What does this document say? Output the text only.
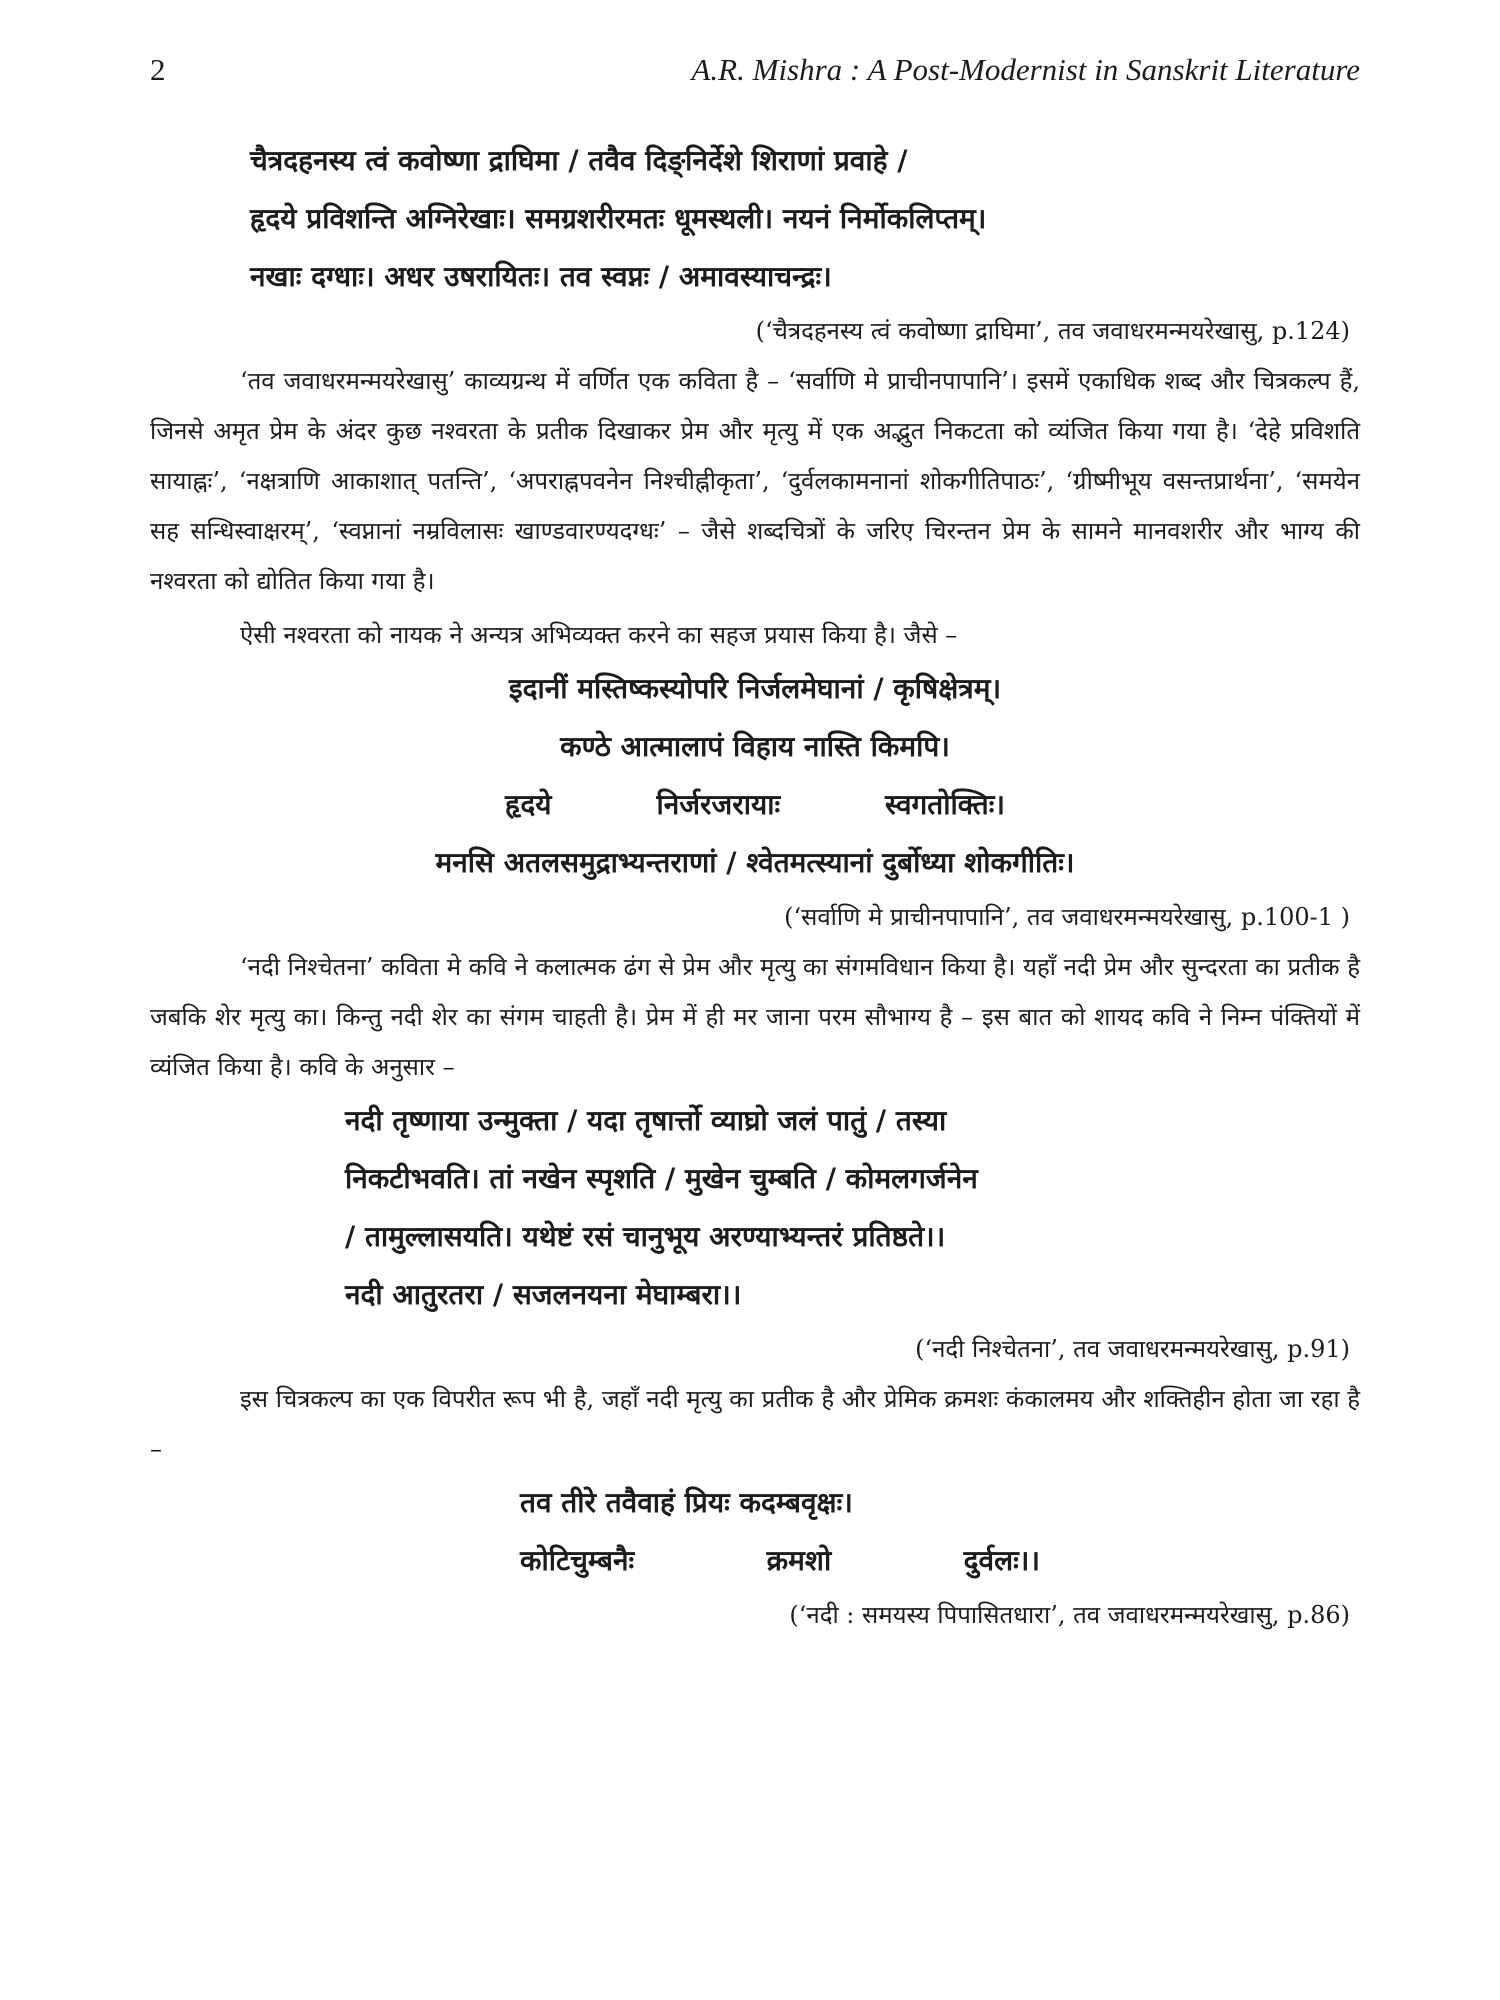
2	A.R. Mishra : A Post-Modernist in Sanskrit Literature
चैत्रदहनस्य त्वं कवोष्णा द्राघिमा / तवैव दिङ्निर्देशे शिराणां प्रवाहे /
हृदये प्रविशन्ति अग्निरेखाः। समग्रशरीरमतः धूमस्थली। नयनं निर्मोकलिप्तम्।
नखाः दग्धाः। अधर उषरायितः। तव स्वप्नः / अमावस्याचन्द्रः।
(‘चैत्रदहनस्य त्वं कवोष्णा द्राघिमा’, तव जवाधरमन्मयरेखासु, p.124)

‘तव जवाधरमन्मयरेखासु’ काव्यग्रन्थ में वर्णित एक कविता है – ‘सर्वाणि मे प्राचीनपापानि’। इसमें एकाधिक शब्द और चित्रकल्प हैं, जिनसे अमृत प्रेम के अंदर कुछ नश्वरता के प्रतीक दिखाकर प्रेम और मृत्यु में एक अद्भुत निकटता को व्यंजित किया गया है। ‘देहे प्रविशति सायाह्नः’, ‘नक्षत्राणि आकाशात् पतन्ति’, ‘अपराह्नपवनेन निश्चीह्नीकृता’, ‘दुर्वलकामनानां शोकगीतिपाठः’, ‘ग्रीष्मीभूय वसन्तप्रार्थना’, ‘समयेन सह सन्धिस्वाक्षरम्’, ‘स्वप्नानां नम्रविलासः खाण्डवारण्यदग्धः’ – जैसे शब्दचित्रों के जरिए चिरन्तन प्रेम के सामने मानवशरीर और भाग्य की नश्वरता को द्योतित किया गया है।

ऐसी नश्वरता को नायक ने अन्यत्र अभिव्यक्त करने का सहज प्रयास किया है। जैसे –

इदानीं मस्तिष्कस्योपरि निर्जलमेघानां / कृषिक्षेत्रम्।
कण्ठे आत्मालापं विहाय नास्ति किमपि।
हृदये	निर्जरजरायाः	स्वगतोक्तिः।
मनसि अतलसमुद्राभ्यन्तराणां / श्वेतमत्स्यानां दुर्बोध्या शोकगीतिः।
(‘सर्वाणि मे प्राचीनपापानि’, तव जवाधरमन्मयरेखासु, p.100-1 )

‘नदी निश्चेतना’ कविता मे कवि ने कलात्मक ढंग से प्रेम और मृत्यु का संगमविधान किया है। यहाँ नदी प्रेम और सुन्दरता का प्रतीक है जबकि शेर मृत्यु का। किन्तु नदी शेर का संगम चाहती है। प्रेम में ही मर जाना परम सौभाग्य है – इस बात को शायद कवि ने निम्न पंक्तियों में व्यंजित किया है। कवि के अनुसार –

नदी तृष्णाया उन्मुक्ता / यदा तृषार्त्तो व्याघ्रो जलं पातुं / तस्या
निकटीभवति। तां नखेन स्पृशति / मुखेन चुम्बति / कोमलगर्जनेन
/ तामुल्लासयति। यथेष्टं रसं चानुभूय अरण्याभ्यन्तरं प्रतिष्ठते।।
नदी आतुरतरा / सजलनयना मेघाम्बरा।।
(‘नदी निश्चेतना’, तव जवाधरमन्मयरेखासु, p.91)

इस चित्रकल्प का एक विपरीत रूप भी है, जहाँ नदी मृत्यु का प्रतीक है और प्रेमिक क्रमशः कंकालमय और शक्तिहीन होता जा रहा है –

तव तीरे तवैवाहं प्रियः कदम्बवृक्षः।
कोटिचुम्बनैः	क्रमशो	दुर्वलः।।
(‘नदी : समयस्य पिपासितधारा’, तव जवाधरमन्मयरेखासु, p.86)
